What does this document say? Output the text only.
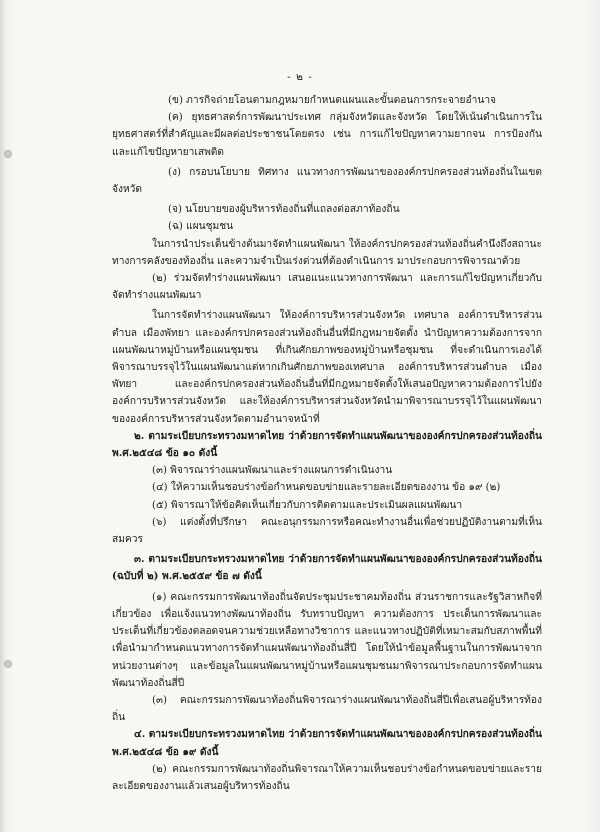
- ๒ -

(ข) ภารกิจถ่ายโอนตามกฎหมายกำหนดแผนและขั้นตอนการกระจายอำนาจ

(ค) ยุทธศาสตร์การพัฒนาประเทศ กลุ่มจังหวัดและจังหวัด โดยให้เน้นดำเนินการในยุทธศาสตร์ที่สำคัญและมีผลต่อประชาชนโดยตรง เช่น การแก้ไขปัญหาความยากจน การป้องกันและแก้ไขปัญหายาเสพติด

(ง) กรอบนโยบาย ทิศทาง แนวทางการพัฒนาขององค์กรปกครองส่วนท้องถิ่นในเขตจังหวัด

(จ) นโยบายของผู้บริหารท้องถิ่นที่แถลงต่อสภาท้องถิ่น

(ฉ) แผนชุมชน

ในการนำประเด็นข้างต้นมาจัดทำแผนพัฒนา ให้องค์กรปกครองส่วนท้องถิ่นคำนึงถึงสถานะทางการคลังของท้องถิ่น และความจำเป็นเร่งด่วนที่ต้องดำเนินการ มาประกอบการพิจารณาด้วย

(๒) ร่วมจัดทำร่างแผนพัฒนา เสนอแนะแนวทางการพัฒนา และการแก้ไขปัญหาเกี่ยวกับจัดทำร่างแผนพัฒนา

ในการจัดทำร่างแผนพัฒนา ให้องค์การบริหารส่วนจังหวัด เทศบาล องค์การบริหารส่วนตำบล เมืองพัทยา และองค์กรปกครองส่วนท้องถิ่นอื่นที่มีกฎหมายจัดตั้ง นำปัญหาความต้องการจากแผนพัฒนาหมู่บ้านหรือแผนชุมชน ที่เกินศักยภาพของหมู่บ้านหรือชุมชน ที่จะดำเนินการเองได้พิจารณาบรรจุไว้ในแผนพัฒนาแต่หากเกินศักยภาพของเทศบาล องค์การบริหารส่วนตำบล เมืองพัทยา และองค์กรปกครองส่วนท้องถิ่นอื่นที่มีกฎหมายจัดตั้งให้เสนอปัญหาความต้องการไปยังองค์การบริหารส่วนจังหวัด และให้องค์การบริหารส่วนจังหวัดนำมาพิจารณาบรรจุไว้ในแผนพัฒนาขององค์การบริหารส่วนจังหวัดตามอำนาจหน้าที่

๒. ตามระเบียบกระทรวงมหาดไทย ว่าด้วยการจัดทำแผนพัฒนาขององค์กรปกครองส่วนท้องถิ่น พ.ศ.๒๕๔๘ ข้อ ๑๐ ดังนี้

(๓) พิจารณาร่างแผนพัฒนาและร่างแผนการดำเนินงาน

(๔) ให้ความเห็นชอบร่างข้อกำหนดขอบข่ายและรายละเอียดของงาน ข้อ ๑๙ (๒)

(๕) พิจารณาให้ข้อคิดเห็นเกี่ยวกับการติดตามและประเมินผลแผนพัฒนา

(๖) แต่งตั้งที่ปรึกษา คณะอนุกรรมการหรือคณะทำงานอื่นเพื่อช่วยปฏิบัติงานตามที่เห็นสมควร

๓. ตามระเบียบกระทรวงมหาดไทย ว่าด้วยการจัดทำแผนพัฒนาขององค์กรปกครองส่วนท้องถิ่น (ฉบับที่ ๒) พ.ศ.๒๕๕๙ ข้อ ๗ ดังนี้

(๑) คณะกรรมการพัฒนาท้องถิ่นจัดประชุมประชาคมท้องถิ่น ส่วนราชการและรัฐวิสาหกิจที่เกี่ยวข้อง เพื่อแจ้งแนวทางพัฒนาท้องถิ่น รับทราบปัญหา ความต้องการ ประเด็นการพัฒนาและประเด็นที่เกี่ยวข้องตลอดจนความช่วยเหลือทางวิชาการ และแนวทางปฏิบัติที่เหมาะสมกับสภาพพื้นที่เพื่อนำมากำหนดแนวทางการจัดทำแผนพัฒนาท้องถิ่นสี่ปี โดยให้นำข้อมูลพื้นฐานในการพัฒนาจากหน่วยงานต่างๆ และข้อมูลในแผนพัฒนาหมู่บ้านหรือแผนชุมชนมาพิจารณาประกอบการจัดทำแผนพัฒนาท้องถิ่นสี่ปี

(๓) คณะกรรมการพัฒนาท้องถิ่นพิจารณาร่างแผนพัฒนาท้องถิ่นสี่ปีเพื่อเสนอผู้บริหารท้องถิ่น

๔. ตามระเบียบกระทรวงมหาดไทย ว่าด้วยการจัดทำแผนพัฒนาขององค์กรปกครองส่วนท้องถิ่น พ.ศ.๒๕๔๘ ข้อ ๑๙ ดังนี้

(๒) คณะกรรมการพัฒนาท้องถิ่นพิจารณาให้ความเห็นชอบร่างข้อกำหนดขอบข่ายและรายละเอียดของงานแล้วเสนอผู้บริหารท้องถิ่น
